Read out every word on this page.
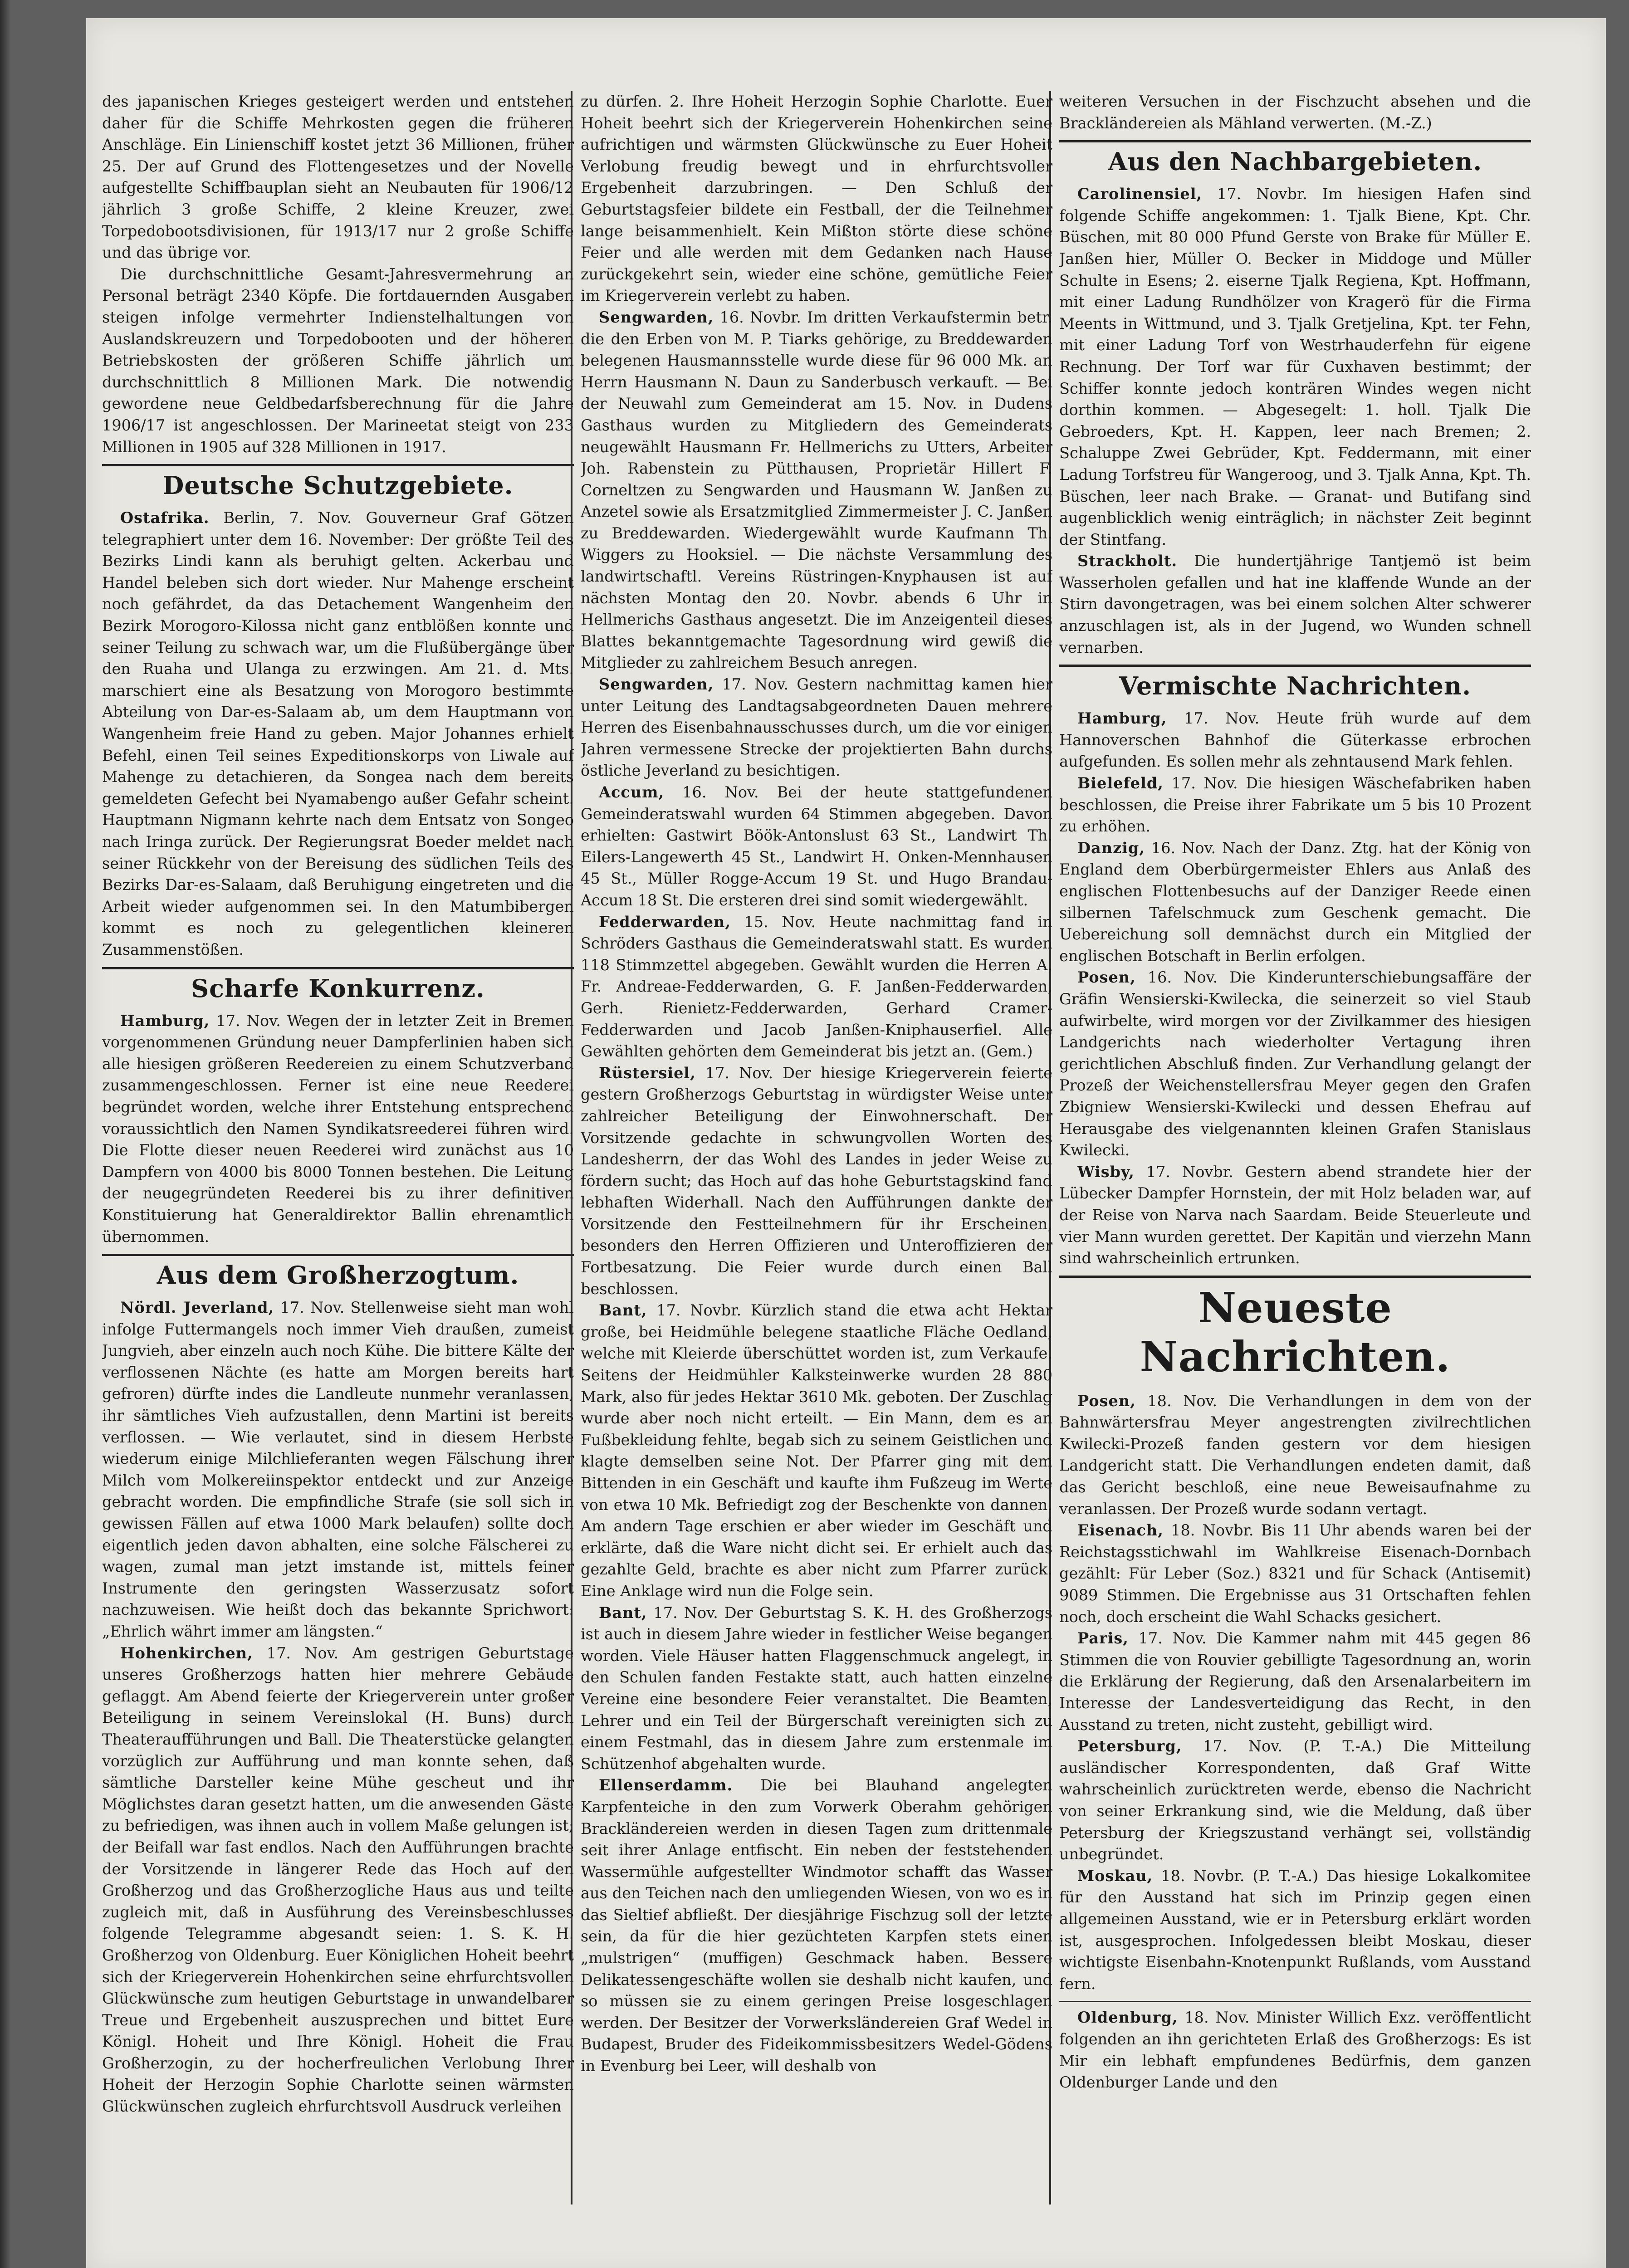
des japanischen Krieges gesteigert werden und entstehen daher für die Schiffe Mehrkosten gegen die früheren Anschläge. Ein Linienschiff kostet jetzt 36 Millionen, früher 25. Der auf Grund des Flottengesetzes und der Novelle aufgestellte Schiffbauplan sieht an Neubauten für 1906/12 jährlich 3 große Schiffe, 2 kleine Kreuzer, zwei Torpedobootsdivisionen, für 1913/17 nur 2 große Schiffe und das übrige vor.

Die durchschnittliche Gesamt-Jahresvermehrung an Personal beträgt 2340 Köpfe. Die fortdauernden Ausgaben steigen infolge vermehrter Indienstelhaltungen von Auslandskreuzern und Torpedobooten und der höheren Betriebskosten der größeren Schiffe jährlich um durchschnittlich 8 Millionen Mark. Die notwendig gewordene neue Geldbedarfsberechnung für die Jahre 1906/17 ist angeschlossen. Der Marineetat steigt von 233 Millionen in 1905 auf 328 Millionen in 1917.

Deutsche Schutzgebiete.

Ostafrika. Berlin, 7. Nov. Gouverneur Graf Götzen telegraphiert unter dem 16. November: Der größte Teil des Bezirks Lindi kann als beruhigt gelten. Ackerbau und Handel beleben sich dort wieder. Nur Mahenge erscheint noch gefährdet, da das Detachement Wangenheim den Bezirk Morogoro-Kilossa nicht ganz entblößen konnte und seiner Teilung zu schwach war, um die Flußübergänge über den Ruaha und Ulanga zu erzwingen. Am 21. d. Mts. marschiert eine als Besatzung von Morogoro bestimmte Abteilung von Dar-es-Salaam ab, um dem Hauptmann von Wangenheim freie Hand zu geben. Major Johannes erhielt Befehl, einen Teil seines Expeditionskorps von Liwale auf Mahenge zu detachieren, da Songea nach dem bereits gemeldeten Gefecht bei Nyamabengo außer Gefahr scheint. Hauptmann Nigmann kehrte nach dem Entsatz von Songeo nach Iringa zurück. Der Regierungsrat Boeder meldet nach seiner Rückkehr von der Bereisung des südlichen Teils des Bezirks Dar-es-Salaam, daß Beruhigung eingetreten und die Arbeit wieder aufgenommen sei. In den Matumbibergen kommt es noch zu gelegentlichen kleineren Zusammenstößen.

Scharfe Konkurrenz.

Hamburg, 17. Nov. Wegen der in letzter Zeit in Bremen vorgenommenen Gründung neuer Dampferlinien haben sich alle hiesigen größeren Reedereien zu einem Schutzverband zusammengeschlossen. Ferner ist eine neue Reederei begründet worden, welche ihrer Entstehung entsprechend voraussichtlich den Namen Syndikatsreederei führen wird. Die Flotte dieser neuen Reederei wird zunächst aus 10 Dampfern von 4000 bis 8000 Tonnen bestehen. Die Leitung der neugegründeten Reederei bis zu ihrer definitiven Konstituierung hat Generaldirektor Ballin ehrenamtlich übernommen.

Aus dem Großherzogtum.

Nördl. Jeverland, 17. Nov. Stellenweise sieht man wohl infolge Futtermangels noch immer Vieh draußen, zumeist Jungvieh, aber einzeln auch noch Kühe. Die bittere Kälte der verflossenen Nächte (es hatte am Morgen bereits hart gefroren) dürfte indes die Landleute nunmehr veranlassen, ihr sämtliches Vieh aufzustallen, denn Martini ist bereits verflossen. — Wie verlautet, sind in diesem Herbste wiederum einige Milchlieferanten wegen Fälschung ihrer Milch vom Molkereiinspektor entdeckt und zur Anzeige gebracht worden. Die empfindliche Strafe (sie soll sich in gewissen Fällen auf etwa 1000 Mark belaufen) sollte doch eigentlich jeden davon abhalten, eine solche Fälscherei zu wagen, zumal man jetzt imstande ist, mittels feiner Instrumente den geringsten Wasserzusatz sofort nachzuweisen. Wie heißt doch das bekannte Sprichwort: „Ehrlich währt immer am längsten.“

Hohenkirchen, 17. Nov. Am gestrigen Geburtstage unseres Großherzogs hatten hier mehrere Gebäude geflaggt. Am Abend feierte der Kriegerverein unter großer Beteiligung in seinem Vereinslokal (H. Buns) durch Theateraufführungen und Ball. Die Theaterstücke gelangten vorzüglich zur Aufführung und man konnte sehen, daß sämtliche Darsteller keine Mühe gescheut und ihr Möglichstes daran gesetzt hatten, um die anwesenden Gäste zu befriedigen, was ihnen auch in vollem Maße gelungen ist; der Beifall war fast endlos. Nach den Aufführungen brachte der Vorsitzende in längerer Rede das Hoch auf den Großherzog und das Großherzogliche Haus aus und teilte zugleich mit, daß in Ausführung des Vereinsbeschlusses folgende Telegramme abgesandt seien: 1. S. K. H. Großherzog von Oldenburg. Euer Königlichen Hoheit beehrt sich der Kriegerverein Hohenkirchen seine ehrfurchtsvollen Glückwünsche zum heutigen Geburtstage in unwandelbarer Treue und Ergebenheit auszusprechen und bittet Eure Königl. Hoheit und Ihre Königl. Hoheit die Frau Großherzogin, zu der hocherfreulichen Verlobung Ihrer Hoheit der Herzogin Sophie Charlotte seinen wärmsten Glückwünschen zugleich ehrfurchtsvoll Ausdruck verleihen

zu dürfen. 2. Ihre Hoheit Herzogin Sophie Charlotte. Euer Hoheit beehrt sich der Kriegerverein Hohenkirchen seine aufrichtigen und wärmsten Glückwünsche zu Euer Hoheit Verlobung freudig bewegt und in ehrfurchtsvoller Ergebenheit darzubringen. — Den Schluß der Geburtstagsfeier bildete ein Festball, der die Teilnehmer lange beisammenhielt. Kein Mißton störte diese schöne Feier und alle werden mit dem Gedanken nach Hause zurückgekehrt sein, wieder eine schöne, gemütliche Feier im Kriegerverein verlebt zu haben.

Sengwarden, 16. Novbr. Im dritten Verkaufstermin betr. die den Erben von M. P. Tiarks gehörige, zu Breddewarden belegenen Hausmannsstelle wurde diese für 96 000 Mk. an Herrn Hausmann N. Daun zu Sanderbusch verkauft. — Bei der Neuwahl zum Gemeinderat am 15. Nov. in Dudens Gasthaus wurden zu Mitgliedern des Gemeinderats neugewählt Hausmann Fr. Hellmerichs zu Utters, Arbeiter Joh. Rabenstein zu Pütthausen, Proprietär Hillert F. Corneltzen zu Sengwarden und Hausmann W. Janßen zu Anzetel sowie als Ersatzmitglied Zimmermeister J. C. Janßen zu Breddewarden. Wiedergewählt wurde Kaufmann Th. Wiggers zu Hooksiel. — Die nächste Versammlung des landwirtschaftl. Vereins Rüstringen-Knyphausen ist auf nächsten Montag den 20. Novbr. abends 6 Uhr in Hellmerichs Gasthaus angesetzt. Die im Anzeigenteil dieses Blattes bekanntgemachte Tagesordnung wird gewiß die Mitglieder zu zahlreichem Besuch anregen.

Sengwarden, 17. Nov. Gestern nachmittag kamen hier unter Leitung des Landtagsabgeordneten Dauen mehrere Herren des Eisenbahnausschusses durch, um die vor einigen Jahren vermessene Strecke der projektierten Bahn durchs östliche Jeverland zu besichtigen.

Accum, 16. Nov. Bei der heute stattgefundenen Gemeinderatswahl wurden 64 Stimmen abgegeben. Davon erhielten: Gastwirt Böök-Antonslust 63 St., Landwirt Th. Eilers-Langewerth 45 St., Landwirt H. Onken-Mennhausen 45 St., Müller Rogge-Accum 19 St. und Hugo Brandau-Accum 18 St. Die ersteren drei sind somit wiedergewählt.

Fedderwarden, 15. Nov. Heute nachmittag fand in Schröders Gasthaus die Gemeinderatswahl statt. Es wurden 118 Stimmzettel abgegeben. Gewählt wurden die Herren A. Fr. Andreae-Fedderwarden, G. F. Janßen-Fedderwarden, Gerh. Rienietz-Fedderwarden, Gerhard Cramer-Fedderwarden und Jacob Janßen-Kniphauserfiel. Alle Gewählten gehörten dem Gemeinderat bis jetzt an. (Gem.)

Rüstersiel, 17. Nov. Der hiesige Kriegerverein feierte gestern Großherzogs Geburtstag in würdigster Weise unter zahlreicher Beteiligung der Einwohnerschaft. Der Vorsitzende gedachte in schwungvollen Worten des Landesherrn, der das Wohl des Landes in jeder Weise zu fördern sucht; das Hoch auf das hohe Geburtstagskind fand lebhaften Widerhall. Nach den Aufführungen dankte der Vorsitzende den Festteilnehmern für ihr Erscheinen, besonders den Herren Offizieren und Unteroffizieren der Fortbesatzung. Die Feier wurde durch einen Ball beschlossen.

Bant, 17. Novbr. Kürzlich stand die etwa acht Hektar große, bei Heidmühle belegene staatliche Fläche Oedland, welche mit Kleierde überschüttet worden ist, zum Verkaufe. Seitens der Heidmühler Kalksteinwerke wurden 28 880 Mark, also für jedes Hektar 3610 Mk. geboten. Der Zuschlag wurde aber noch nicht erteilt. — Ein Mann, dem es an Fußbekleidung fehlte, begab sich zu seinem Geistlichen und klagte demselben seine Not. Der Pfarrer ging mit dem Bittenden in ein Geschäft und kaufte ihm Fußzeug im Werte von etwa 10 Mk. Befriedigt zog der Beschenkte von dannen. Am andern Tage erschien er aber wieder im Geschäft und erklärte, daß die Ware nicht dicht sei. Er erhielt auch das gezahlte Geld, brachte es aber nicht zum Pfarrer zurück. Eine Anklage wird nun die Folge sein.

Bant, 17. Nov. Der Geburtstag S. K. H. des Großherzogs ist auch in diesem Jahre wieder in festlicher Weise begangen worden. Viele Häuser hatten Flaggenschmuck angelegt, in den Schulen fanden Festakte statt, auch hatten einzelne Vereine eine besondere Feier veranstaltet. Die Beamten, Lehrer und ein Teil der Bürgerschaft vereinigten sich zu einem Festmahl, das in diesem Jahre zum erstenmale im Schützenhof abgehalten wurde.

Ellenserdamm. Die bei Blauhand angelegten Karpfenteiche in den zum Vorwerk Oberahm gehörigen Brackländereien werden in diesen Tagen zum drittenmale seit ihrer Anlage entfischt. Ein neben der feststehenden Wassermühle aufgestellter Windmotor schafft das Wasser aus den Teichen nach den umliegenden Wiesen, von wo es in das Sieltief abfließt. Der diesjährige Fischzug soll der letzte sein, da für die hier gezüchteten Karpfen stets einen „mulstrigen“ (muffigen) Geschmack haben. Bessere Delikatessengeschäfte wollen sie deshalb nicht kaufen, und so müssen sie zu einem geringen Preise losgeschlagen werden. Der Besitzer der Vorwerksländereien Graf Wedel in Budapest, Bruder des Fideikommissbesitzers Wedel-Gödens in Evenburg bei Leer, will deshalb von

weiteren Versuchen in der Fischzucht absehen und die Brackländereien als Mähland verwerten. (M.-Z.)

Aus den Nachbargebieten.

Carolinensiel, 17. Novbr. Im hiesigen Hafen sind folgende Schiffe angekommen: 1. Tjalk Biene, Kpt. Chr. Büschen, mit 80 000 Pfund Gerste von Brake für Müller E. Janßen hier, Müller O. Becker in Middoge und Müller Schulte in Esens; 2. eiserne Tjalk Regiena, Kpt. Hoffmann, mit einer Ladung Rundhölzer von Kragerö für die Firma Meents in Wittmund, und 3. Tjalk Gretjelina, Kpt. ter Fehn, mit einer Ladung Torf von Westrhauderfehn für eigene Rechnung. Der Torf war für Cuxhaven bestimmt; der Schiffer konnte jedoch konträren Windes wegen nicht dorthin kommen. — Abgesegelt: 1. holl. Tjalk Die Gebroeders, Kpt. H. Kappen, leer nach Bremen; 2. Schaluppe Zwei Gebrüder, Kpt. Feddermann, mit einer Ladung Torfstreu für Wangeroog, und 3. Tjalk Anna, Kpt. Th. Büschen, leer nach Brake. — Granat- und Butifang sind augenblicklich wenig einträglich; in nächster Zeit beginnt der Stintfang.

Strackholt. Die hundertjährige Tantjemö ist beim Wasserholen gefallen und hat ine klaffende Wunde an der Stirn davongetragen, was bei einem solchen Alter schwerer anzuschlagen ist, als in der Jugend, wo Wunden schnell vernarben.

Vermischte Nachrichten.

Hamburg, 17. Nov. Heute früh wurde auf dem Hannoverschen Bahnhof die Güterkasse erbrochen aufgefunden. Es sollen mehr als zehntausend Mark fehlen.

Bielefeld, 17. Nov. Die hiesigen Wäschefabriken haben beschlossen, die Preise ihrer Fabrikate um 5 bis 10 Prozent zu erhöhen.

Danzig, 16. Nov. Nach der Danz. Ztg. hat der König von England dem Oberbürgermeister Ehlers aus Anlaß des englischen Flottenbesuchs auf der Danziger Reede einen silbernen Tafelschmuck zum Geschenk gemacht. Die Uebereichung soll demnächst durch ein Mitglied der englischen Botschaft in Berlin erfolgen.

Posen, 16. Nov. Die Kinderunterschiebungsaffäre der Gräfin Wensierski-Kwilecka, die seinerzeit so viel Staub aufwirbelte, wird morgen vor der Zivilkammer des hiesigen Landgerichts nach wiederholter Vertagung ihren gerichtlichen Abschluß finden. Zur Verhandlung gelangt der Prozeß der Weichenstellersfrau Meyer gegen den Grafen Zbigniew Wensierski-Kwilecki und dessen Ehefrau auf Herausgabe des vielgenannten kleinen Grafen Stanislaus Kwilecki.

Wisby, 17. Novbr. Gestern abend strandete hier der Lübecker Dampfer Hornstein, der mit Holz beladen war, auf der Reise von Narva nach Saardam. Beide Steuerleute und vier Mann wurden gerettet. Der Kapitän und vierzehn Mann sind wahrscheinlich ertrunken.

Neueste Nachrichten.

Posen, 18. Nov. Die Verhandlungen in dem von der Bahnwärtersfrau Meyer angestrengten zivilrechtlichen Kwilecki-Prozeß fanden gestern vor dem hiesigen Landgericht statt. Die Verhandlungen endeten damit, daß das Gericht beschloß, eine neue Beweisaufnahme zu veranlassen. Der Prozeß wurde sodann vertagt.

Eisenach, 18. Novbr. Bis 11 Uhr abends waren bei der Reichstagsstichwahl im Wahlkreise Eisenach-Dornbach gezählt: Für Leber (Soz.) 8321 und für Schack (Antisemit) 9089 Stimmen. Die Ergebnisse aus 31 Ortschaften fehlen noch, doch erscheint die Wahl Schacks gesichert.

Paris, 17. Nov. Die Kammer nahm mit 445 gegen 86 Stimmen die von Rouvier gebilligte Tagesordnung an, worin die Erklärung der Regierung, daß den Arsenalarbeitern im Interesse der Landesverteidigung das Recht, in den Ausstand zu treten, nicht zusteht, gebilligt wird.

Petersburg, 17. Nov. (P. T.-A.) Die Mitteilung ausländischer Korrespondenten, daß Graf Witte wahrscheinlich zurücktreten werde, ebenso die Nachricht von seiner Erkrankung sind, wie die Meldung, daß über Petersburg der Kriegszustand verhängt sei, vollständig unbegründet.

Moskau, 18. Novbr. (P. T.-A.) Das hiesige Lokalkomitee für den Ausstand hat sich im Prinzip gegen einen allgemeinen Ausstand, wie er in Petersburg erklärt worden ist, ausgesprochen. Infolgedessen bleibt Moskau, dieser wichtigste Eisenbahn-Knotenpunkt Rußlands, vom Ausstand fern.

Oldenburg, 18. Nov. Minister Willich Exz. veröffentlicht folgenden an ihn gerichteten Erlaß des Großherzogs: Es ist Mir ein lebhaft empfundenes Bedürfnis, dem ganzen Oldenburger Lande und den
